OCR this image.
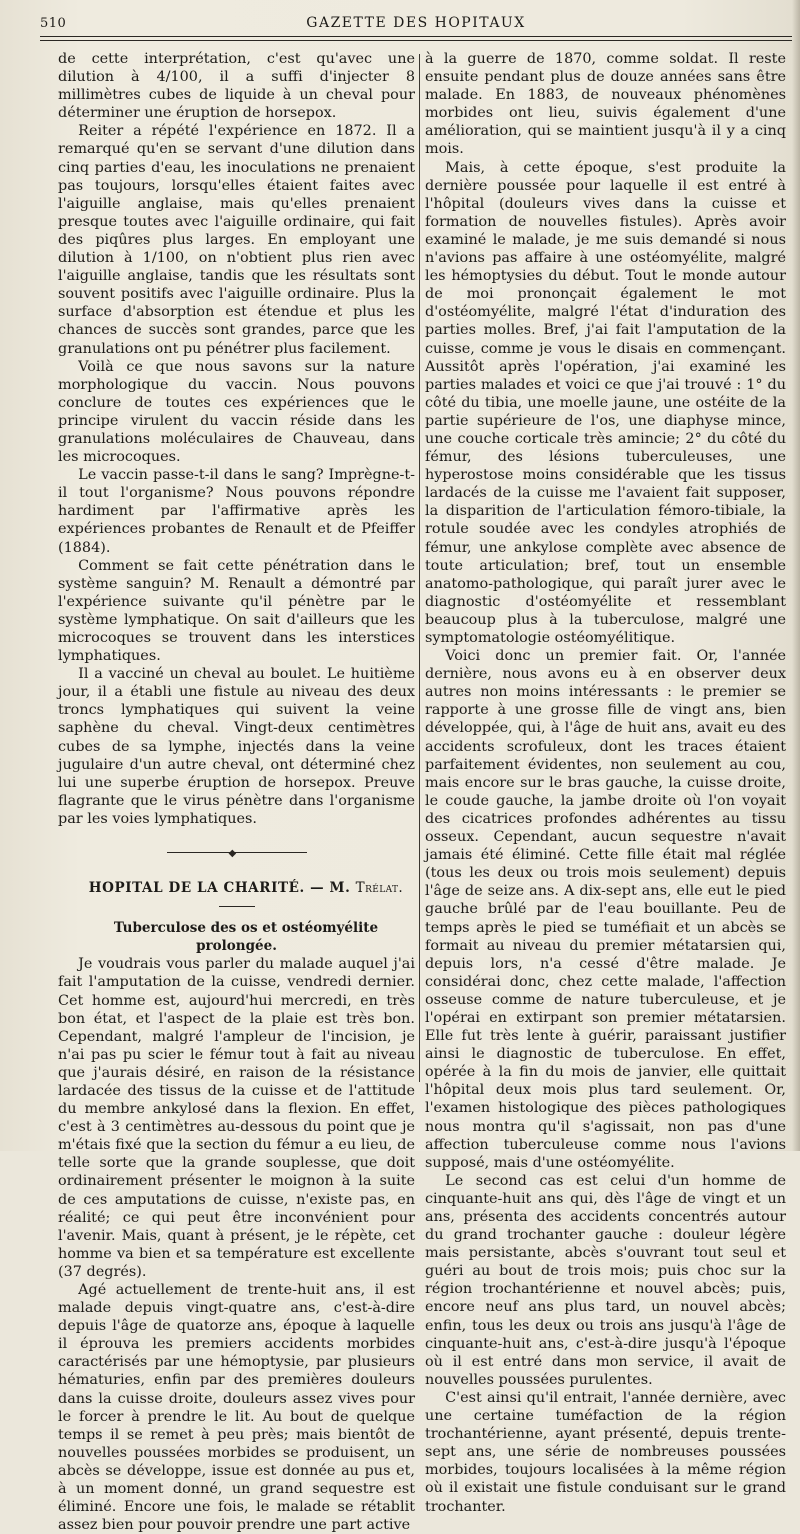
510	GAZETTE DES HOPITAUX

de cette interprétation, c'est qu'avec une dilution à 4/100, il a suffi d'injecter 8 millimètres cubes de liquide à un cheval pour déterminer une éruption de horsepox.

Reiter a répété l'expérience en 1872. Il a remarqué qu'en se servant d'une dilution dans cinq parties d'eau, les inoculations ne prenaient pas toujours, lorsqu'elles étaient faites avec l'aiguille anglaise, mais qu'elles prenaient presque toutes avec l'aiguille ordinaire, qui fait des piqûres plus larges. En employant une dilution à 1/100, on n'obtient plus rien avec l'aiguille anglaise, tandis que les résultats sont souvent positifs avec l'aiguille ordinaire. Plus la surface d'absorption est étendue et plus les chances de succès sont grandes, parce que les granulations ont pu pénétrer plus facilement.

Voilà ce que nous savons sur la nature morphologique du vaccin. Nous pouvons conclure de toutes ces expériences que le principe virulent du vaccin réside dans les granulations moléculaires de Chauveau, dans les microcoques.

Le vaccin passe-t-il dans le sang? Imprègne-t-il tout l'organisme? Nous pouvons répondre hardiment par l'affirmative après les expériences probantes de Renault et de Pfeiffer (1884).

Comment se fait cette pénétration dans le système sanguin? M. Renault a démontré par l'expérience suivante qu'il pénètre par le système lymphatique. On sait d'ailleurs que les microcoques se trouvent dans les interstices lymphatiques.

Il a vacciné un cheval au boulet. Le huitième jour, il a établi une fistule au niveau des deux troncs lymphatiques qui suivent la veine saphène du cheval. Vingt-deux centimètres cubes de sa lymphe, injectés dans la veine jugulaire d'un autre cheval, ont déterminé chez lui une superbe éruption de horsepox. Preuve flagrante que le virus pénètre dans l'organisme par les voies lymphatiques.

◆

HOPITAL DE LA CHARITÉ. — M. Trélat.

Tuberculose des os et ostéomyélite prolongée.

Je voudrais vous parler du malade auquel j'ai fait l'amputation de la cuisse, vendredi dernier. Cet homme est, aujourd'hui mercredi, en très bon état, et l'aspect de la plaie est très bon. Cependant, malgré l'ampleur de l'incision, je n'ai pas pu scier le fémur tout à fait au niveau que j'aurais désiré, en raison de la résistance lardacée des tissus de la cuisse et de l'attitude du membre ankylosé dans la flexion. En effet, c'est à 3 centimètres au-dessous du point que je m'étais fixé que la section du fémur a eu lieu, de telle sorte que la grande souplesse, que doit ordinairement présenter le moignon à la suite de ces amputations de cuisse, n'existe pas, en réalité; ce qui peut être inconvénient pour l'avenir. Mais, quant à présent, je le répète, cet homme va bien et sa température est excellente (37 degrés).

Agé actuellement de trente-huit ans, il est malade depuis vingt-quatre ans, c'est-à-dire depuis l'âge de quatorze ans, époque à laquelle il éprouva les premiers accidents morbides caractérisés par une hémoptysie, par plusieurs hématuries, enfin par des premières douleurs dans la cuisse droite, douleurs assez vives pour le forcer à prendre le lit. Au bout de quelque temps il se remet à peu près; mais bientôt de nouvelles poussées morbides se produisent, un abcès se développe, issue est donnée au pus et, à un moment donné, un grand sequestre est éliminé. Encore une fois, le malade se rétablit assez bien pour pouvoir prendre une part active

à la guerre de 1870, comme soldat. Il reste ensuite pendant plus de douze années sans être malade. En 1883, de nouveaux phénomènes morbides ont lieu, suivis également d'une amélioration, qui se maintient jusqu'à il y a cinq mois.

Mais, à cette époque, s'est produite la dernière poussée pour laquelle il est entré à l'hôpital (douleurs vives dans la cuisse et formation de nouvelles fistules). Après avoir examiné le malade, je me suis demandé si nous n'avions pas affaire à une ostéomyélite, malgré les hémoptysies du début. Tout le monde autour de moi prononçait également le mot d'ostéomyélite, malgré l'état d'induration des parties molles. Bref, j'ai fait l'amputation de la cuisse, comme je vous le disais en commençant. Aussitôt après l'opération, j'ai examiné les parties malades et voici ce que j'ai trouvé : 1° du côté du tibia, une moelle jaune, une ostéite de la partie supérieure de l'os, une diaphyse mince, une couche corticale très amincie; 2° du côté du fémur, des lésions tuberculeuses, une hyperostose moins considérable que les tissus lardacés de la cuisse me l'avaient fait supposer, la disparition de l'articulation fémoro-tibiale, la rotule soudée avec les condyles atrophiés de fémur, une ankylose complète avec absence de toute articulation; bref, tout un ensemble anatomo-pathologique, qui paraît jurer avec le diagnostic d'ostéomyélite et ressemblant beaucoup plus à la tuberculose, malgré une symptomatologie ostéomyélitique.

Voici donc un premier fait. Or, l'année dernière, nous avons eu à en observer deux autres non moins intéressants : le premier se rapporte à une grosse fille de vingt ans, bien développée, qui, à l'âge de huit ans, avait eu des accidents scrofuleux, dont les traces étaient parfaitement évidentes, non seulement au cou, mais encore sur le bras gauche, la cuisse droite, le coude gauche, la jambe droite où l'on voyait des cicatrices profondes adhérentes au tissu osseux. Cependant, aucun sequestre n'avait jamais été éliminé. Cette fille était mal réglée (tous les deux ou trois mois seulement) depuis l'âge de seize ans. A dix-sept ans, elle eut le pied gauche brûlé par de l'eau bouillante. Peu de temps après le pied se tuméfiait et un abcès se formait au niveau du premier métatarsien qui, depuis lors, n'a cessé d'être malade. Je considérai donc, chez cette malade, l'affection osseuse comme de nature tuberculeuse, et je l'opérai en extirpant son premier métatarsien. Elle fut très lente à guérir, paraissant justifier ainsi le diagnostic de tuberculose. En effet, opérée à la fin du mois de janvier, elle quittait l'hôpital deux mois plus tard seulement. Or, l'examen histologique des pièces pathologiques nous montra qu'il s'agissait, non pas d'une affection tuberculeuse comme nous l'avions supposé, mais d'une ostéomyélite.

Le second cas est celui d'un homme de cinquante-huit ans qui, dès l'âge de vingt et un ans, présenta des accidents concentrés autour du grand trochanter gauche : douleur légère mais persistante, abcès s'ouvrant tout seul et guéri au bout de trois mois; puis choc sur la région trochantérienne et nouvel abcès; puis, encore neuf ans plus tard, un nouvel abcès; enfin, tous les deux ou trois ans jusqu'à l'âge de cinquante-huit ans, c'est-à-dire jusqu'à l'époque où il est entré dans mon service, il avait de nouvelles poussées purulentes.

C'est ainsi qu'il entrait, l'année dernière, avec une certaine tuméfaction de la région trochantérienne, ayant présenté, depuis trente-sept ans, une série de nombreuses poussées morbides, toujours localisées à la même région où il existait une fistule conduisant sur le grand trochanter.
